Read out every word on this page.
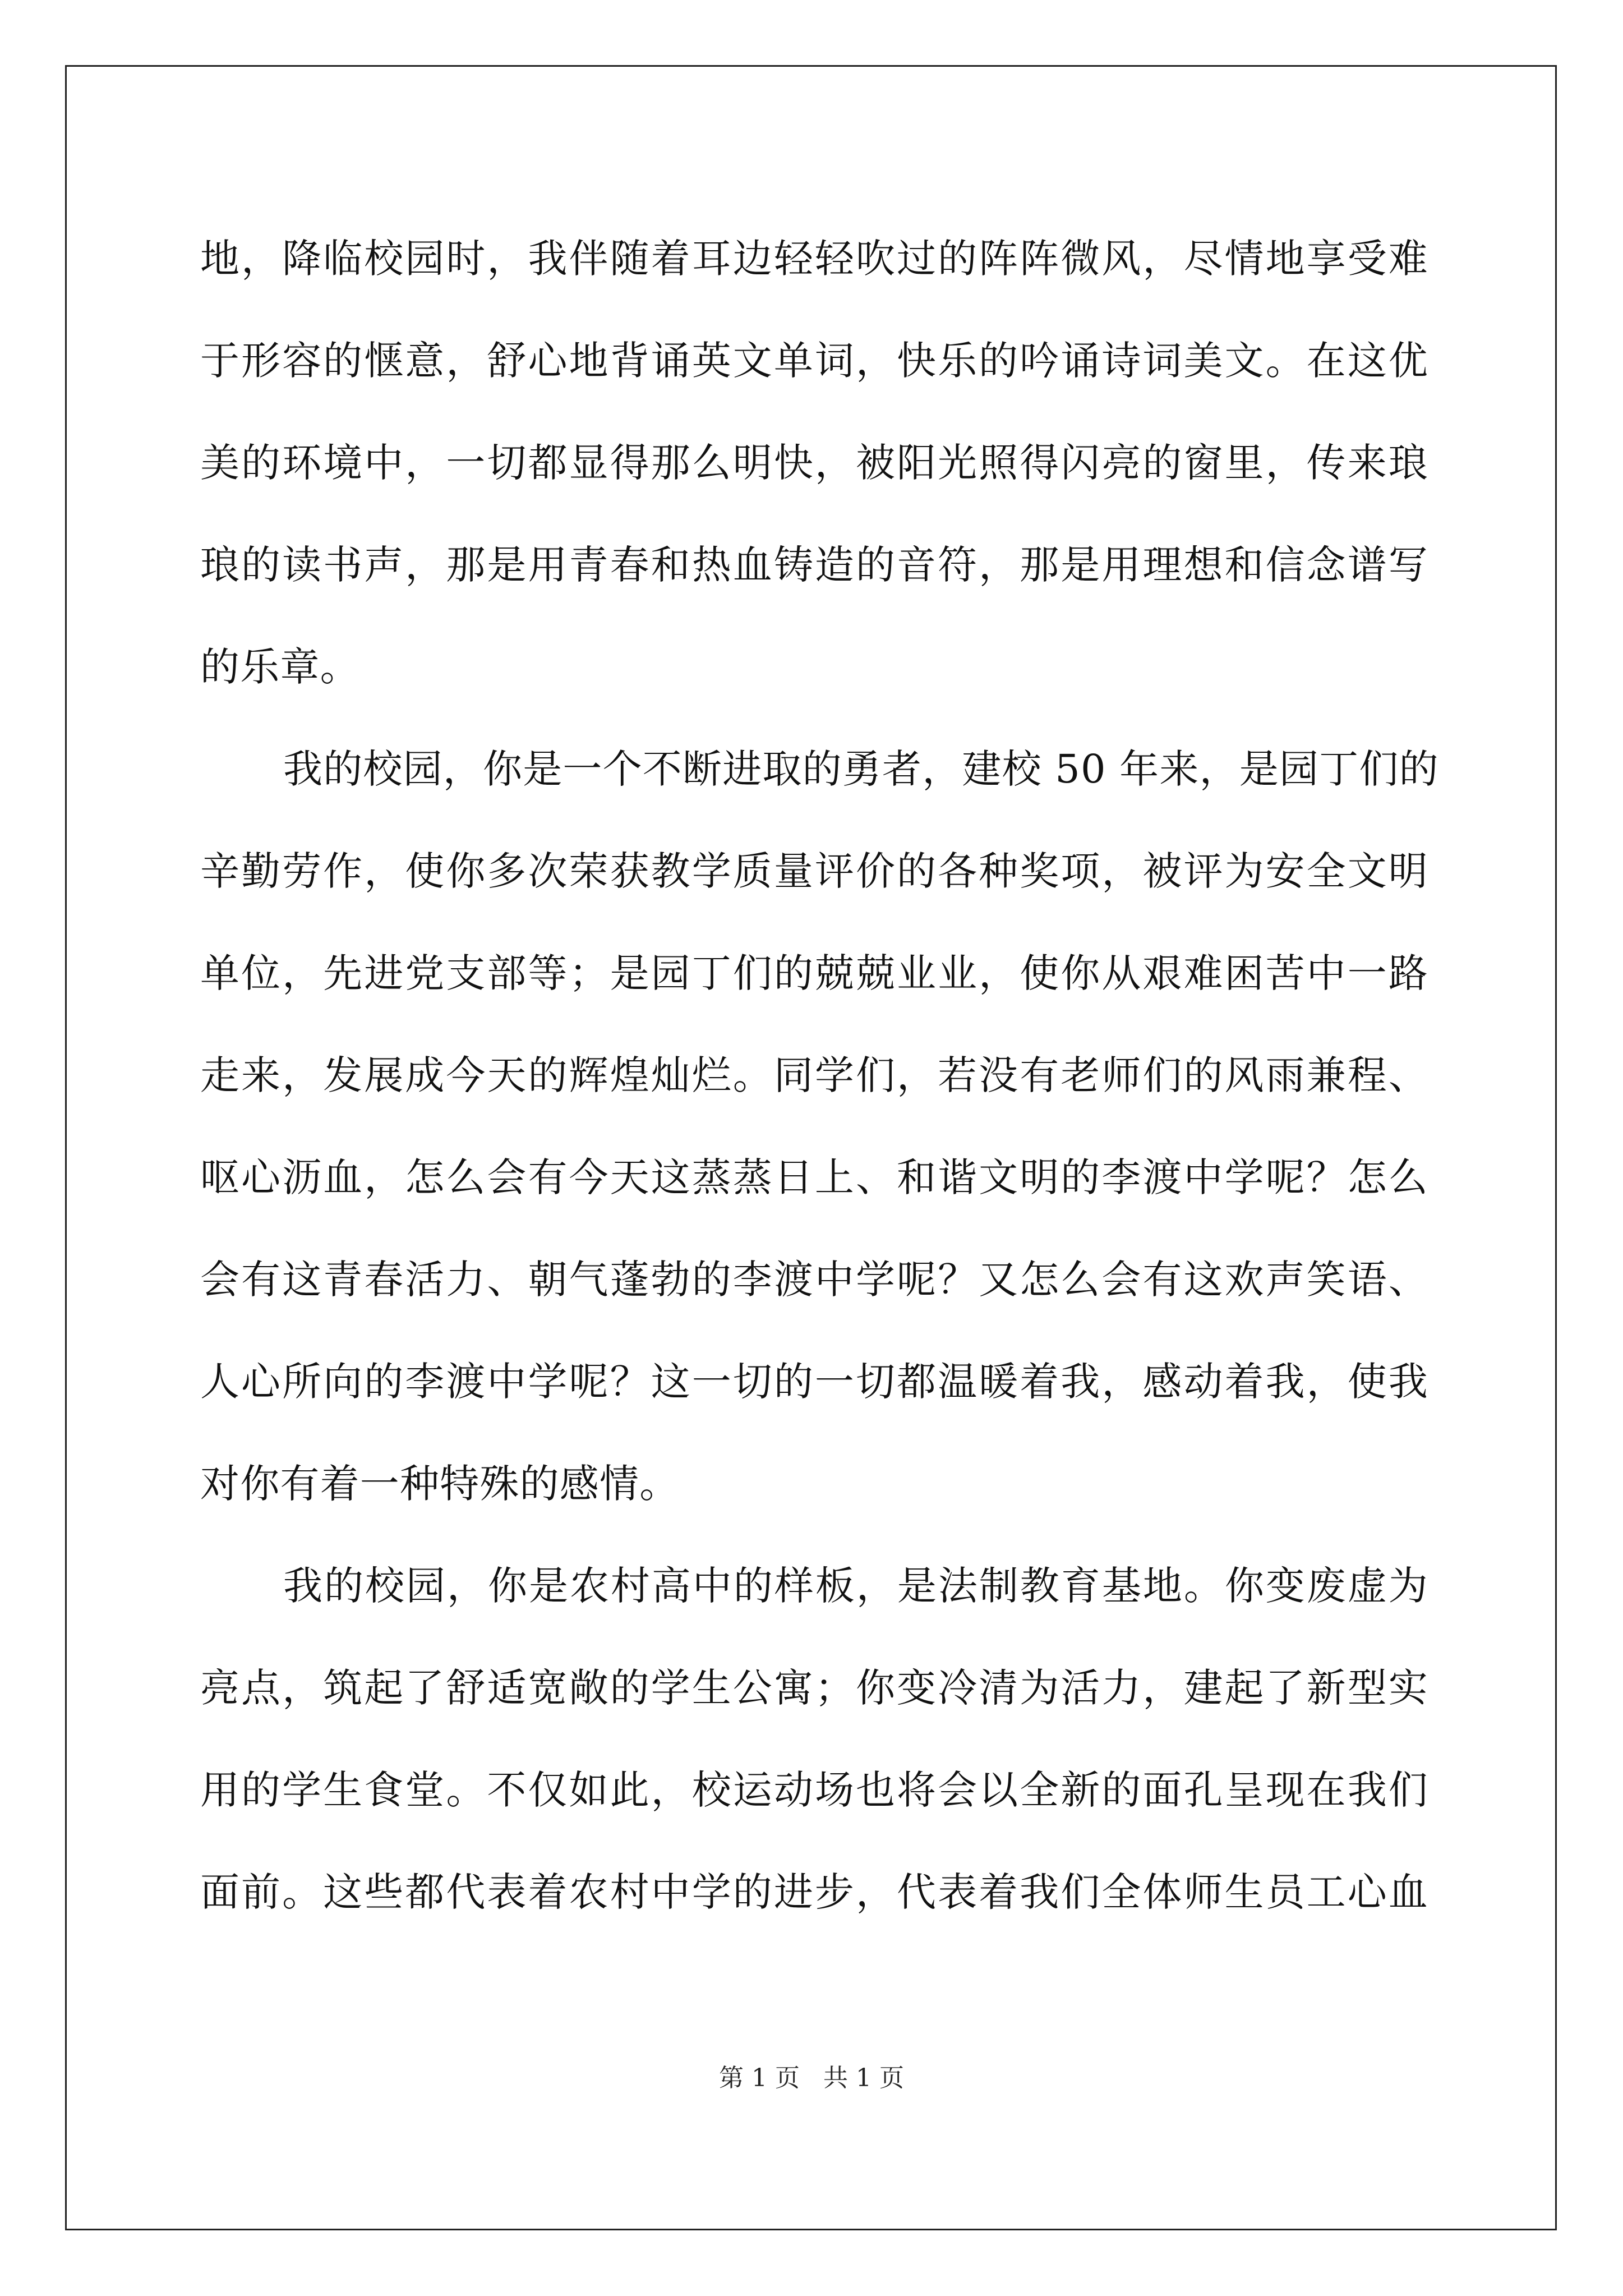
地，降临校园时，我伴随着耳边轻轻吹过的阵阵微风，尽情地享受难
于形容的惬意，舒心地背诵英文单词，快乐的吟诵诗词美文。在这优
美的环境中，一切都显得那么明快，被阳光照得闪亮的窗里，传来琅
琅的读书声，那是用青春和热血铸造的音符，那是用理想和信念谱写
的乐章。
我的校园，你是一个不断进取的勇者，建校 50 年来，是园丁们的
辛勤劳作，使你多次荣获教学质量评价的各种奖项，被评为安全文明
单位，先进党支部等；是园丁们的兢兢业业，使你从艰难困苦中一路
走来，发展成今天的辉煌灿烂。同学们，若没有老师们的风雨兼程、
呕心沥血，怎么会有今天这蒸蒸日上、和谐文明的李渡中学呢？怎么
会有这青春活力、朝气蓬勃的李渡中学呢？又怎么会有这欢声笑语、
人心所向的李渡中学呢？这一切的一切都温暖着我，感动着我，使我
对你有着一种特殊的感情。
我的校园，你是农村高中的样板，是法制教育基地。你变废虚为
亮点，筑起了舒适宽敞的学生公寓；你变冷清为活力，建起了新型实
用的学生食堂。不仅如此，校运动场也将会以全新的面孔呈现在我们
面前。这些都代表着农村中学的进步，代表着我们全体师生员工心血
第 1 页   共 1 页
